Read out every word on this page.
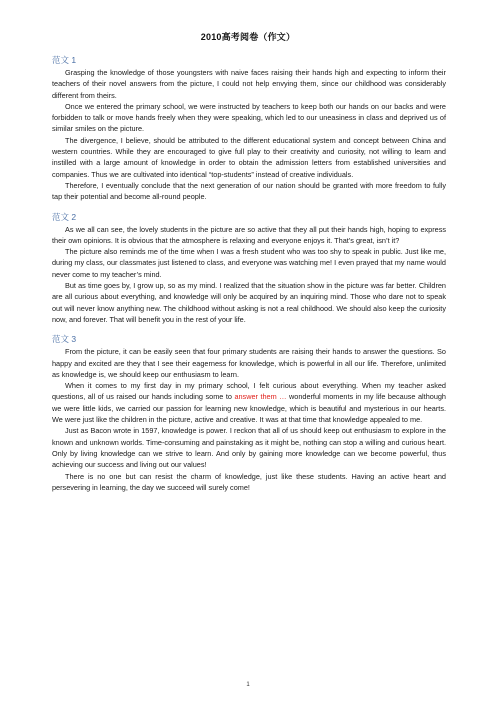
2010高考阅卷（作文）
范文 1

Grasping the knowledge of those youngsters with naive faces raising their hands high and expecting to inform their teachers of their novel answers from the picture, I could not help envying them, since our childhood was considerably different from theirs.

Once we entered the primary school, we were instructed by teachers to keep both our hands on our backs and were forbidden to talk or move hands freely when they were speaking, which led to our uneasiness in class and deprived us of similar smiles on the picture.

The divergence, I believe, should be attributed to the different educational system and concept between China and western countries. While they are encouraged to give full play to their creativity and curiosity, not willing to learn and instilled with a large amount of knowledge in order to obtain the admission letters from established universities and companies. Thus we are cultivated into identical “top-students” instead of creative individuals.

Therefore, I eventually conclude that the next generation of our nation should be granted with more freedom to fully tap their potential and become all-round people.

范文 2

As we all can see, the lovely students in the picture are so active that they all put their hands high, hoping to express their own opinions. It is obvious that the atmosphere is relaxing and everyone enjoys it. That’s great, isn’t it?

The picture also reminds me of the time when I was a fresh student who was too shy to speak in public. Just like me, during my class, our classmates just listened to class, and everyone was watching me! I even prayed that my name would never come to my teacher’s mind.

But as time goes by, I grow up, so as my mind. I realized that the situation show in the picture was far better. Children are all curious about everything, and knowledge will only be acquired by an inquiring mind. Those who dare not to speak out will never know anything new. The childhood without asking is not a real childhood. We should also keep the curiosity now, and forever. That will benefit you in the rest of your life.

范文 3

From the picture, it can be easily seen that four primary students are raising their hands to answer the questions. So happy and excited are they that I see their eagerness for knowledge, which is powerful in all our life. Therefore, unlimited as knowledge is, we should keep our enthusiasm to learn.

When it comes to my first day in my primary school, I felt curious about everything. When my teacher asked questions, all of us raised our hands including some to answer them … wonderful moments in my life because although we were little kids, we carried our passion for learning new knowledge, which is beautiful and mysterious in our hearts. We were just like the children in the picture, active and creative. It was at that time that knowledge appealed to me.

Just as Bacon wrote in 1597, knowledge is power. I reckon that all of us should keep out enthusiasm to explore in the known and unknown worlds. Time-consuming and painstaking as it might be, nothing can stop a willing and curious heart. Only by living knowledge can we strive to learn. And only by gaining more knowledge can we become powerful, thus achieving our success and living out our values!

There is no one but can resist the charm of knowledge, just like these students. Having an active heart and persevering in learning, the day we succeed will surely come!

1
